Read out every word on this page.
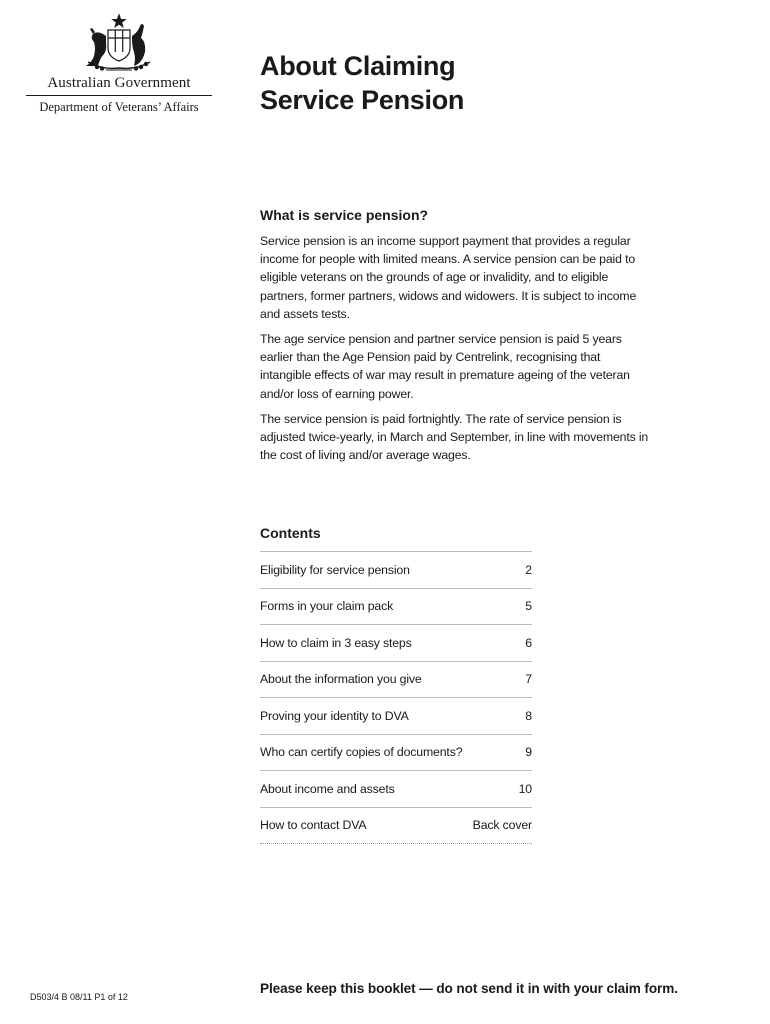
Australian Government
Department of Veterans’ Affairs
About Claiming
Service Pension
What is service pension?

Service pension is an income support payment that provides a regular income for people with limited means. A service pension can be paid to eligible veterans on the grounds of age or invalidity, and to eligible partners, former partners, widows and widowers. It is subject to income and assets tests.

The age service pension and partner service pension is paid 5 years earlier than the Age Pension paid by Centrelink, recognising that intangible effects of war may result in premature ageing of the veteran and/or loss of earning power.

The service pension is paid fortnightly. The rate of service pension is adjusted twice-yearly, in March and September, in line with movements in the cost of living and/or average wages.

Contents
Eligibility for service pension	2
Forms in your claim pack	5
How to claim in 3 easy steps	6
About the information you give	7
Proving your identity to DVA	8
Who can certify copies of documents?	9
About income and assets	10
How to contact DVA	Back cover
D503/4 B 08/11 P1 of 12
Please keep this booklet — do not send it in with your claim form.
